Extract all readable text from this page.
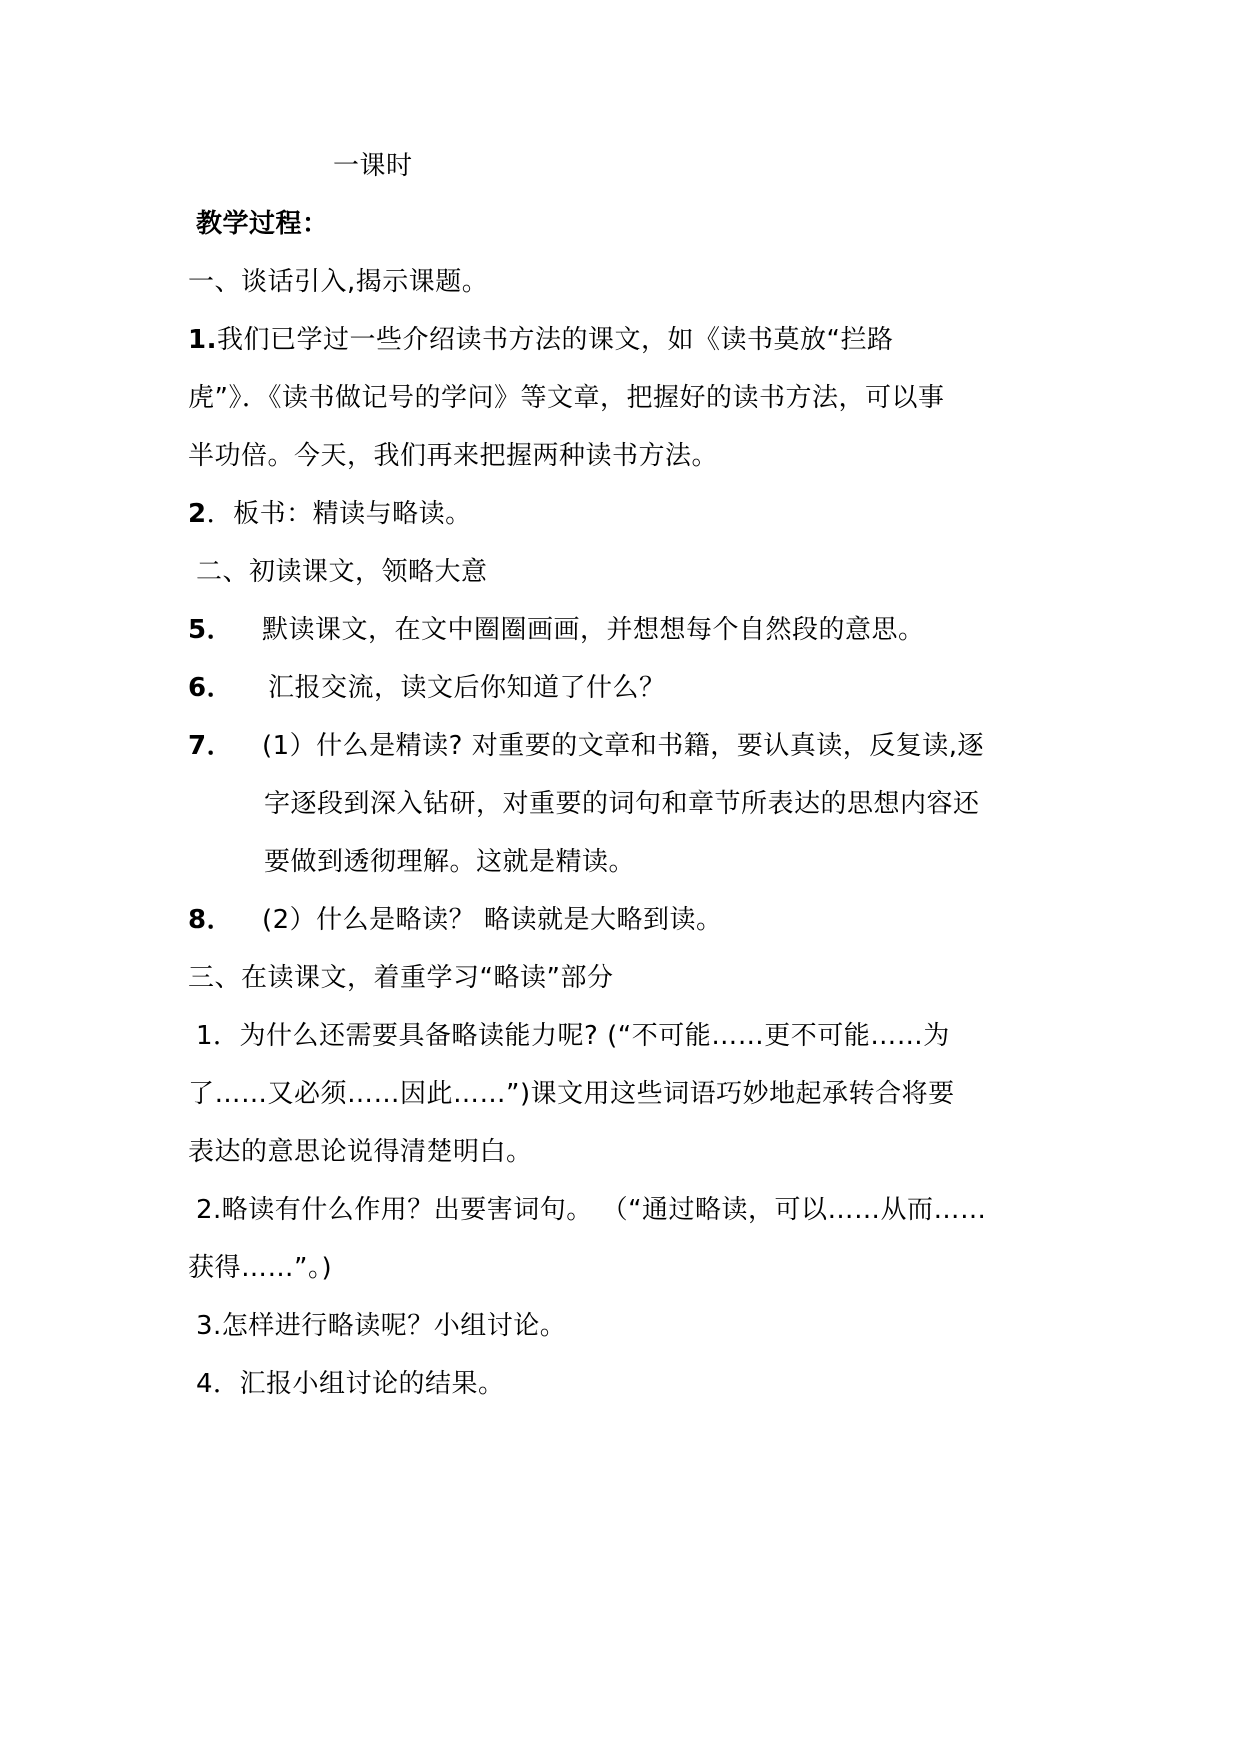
一课时
教学过程：
一、谈话引入,揭示课题。
1.我们已学过一些介绍读书方法的课文，如《读书莫放“拦路
虎”》．《读书做记号的学问》等文章，把握好的读书方法，可以事
半功倍。今天，我们再来把握两种读书方法。
2．板书：精读与略读。
二、初读课文，领略大意
5． 默读课文，在文中圈圈画画，并想想每个自然段的意思。
6． 汇报交流，读文后你知道了什么？
7． (1）什么是精读? 对重要的文章和书籍，要认真读，反复读,逐
字逐段到深入钻研，对重要的词句和章节所表达的思想内容还
要做到透彻理解。这就是精读。
8． (2）什么是略读？ 略读就是大略到读。
三、在读课文，着重学习“略读”部分
1．为什么还需要具备略读能力呢? (“不可能……更不可能……为
了……又必须……因此……”)课文用这些词语巧妙地起承转合将要
表达的意思论说得清楚明白。
2.略读有什么作用？出要害词句。 （“通过略读，可以……从而……
获得……”。)
3.怎样进行略读呢？小组讨论。
4．汇报小组讨论的结果。
